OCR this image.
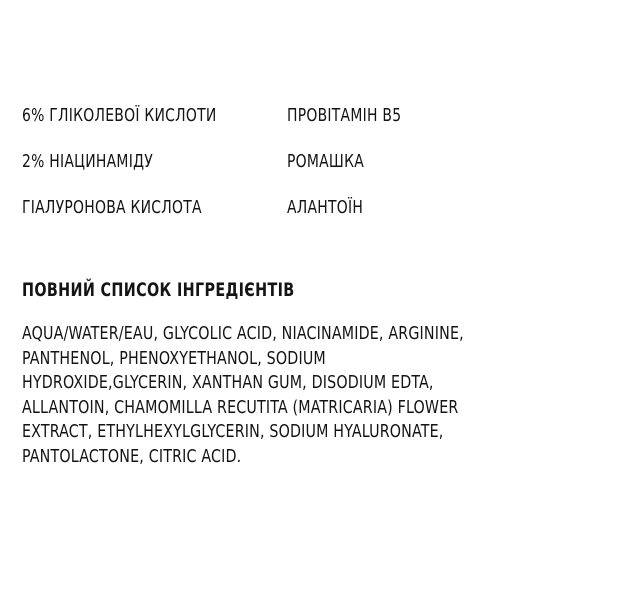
6% ГЛІКОЛЕВОЇ КИСЛОТИ	ПРОВІТАМІН В5
2% НІАЦИНАМІДУ	РОМАШКА
ГІАЛУРОНОВА КИСЛОТА	АЛАНТОЇН
ПОВНИЙ СПИСОК ІНГРЕДІЄНТІВ
AQUA/WATER/EAU, GLYCOLIC ACID, NIACINAMIDE, ARGININE,
PANTHENOL, PHENOXYETHANOL, SODIUM
HYDROXIDE,GLYCERIN, XANTHAN GUM, DISODIUM EDTA,
ALLANTOIN, CHAMOMILLA RECUTITA (MATRICARIA) FLOWER
EXTRACT, ETHYLHEXYLGLYCERIN, SODIUM HYALURONATE,
PANTOLACTONE, CITRIC ACID.
